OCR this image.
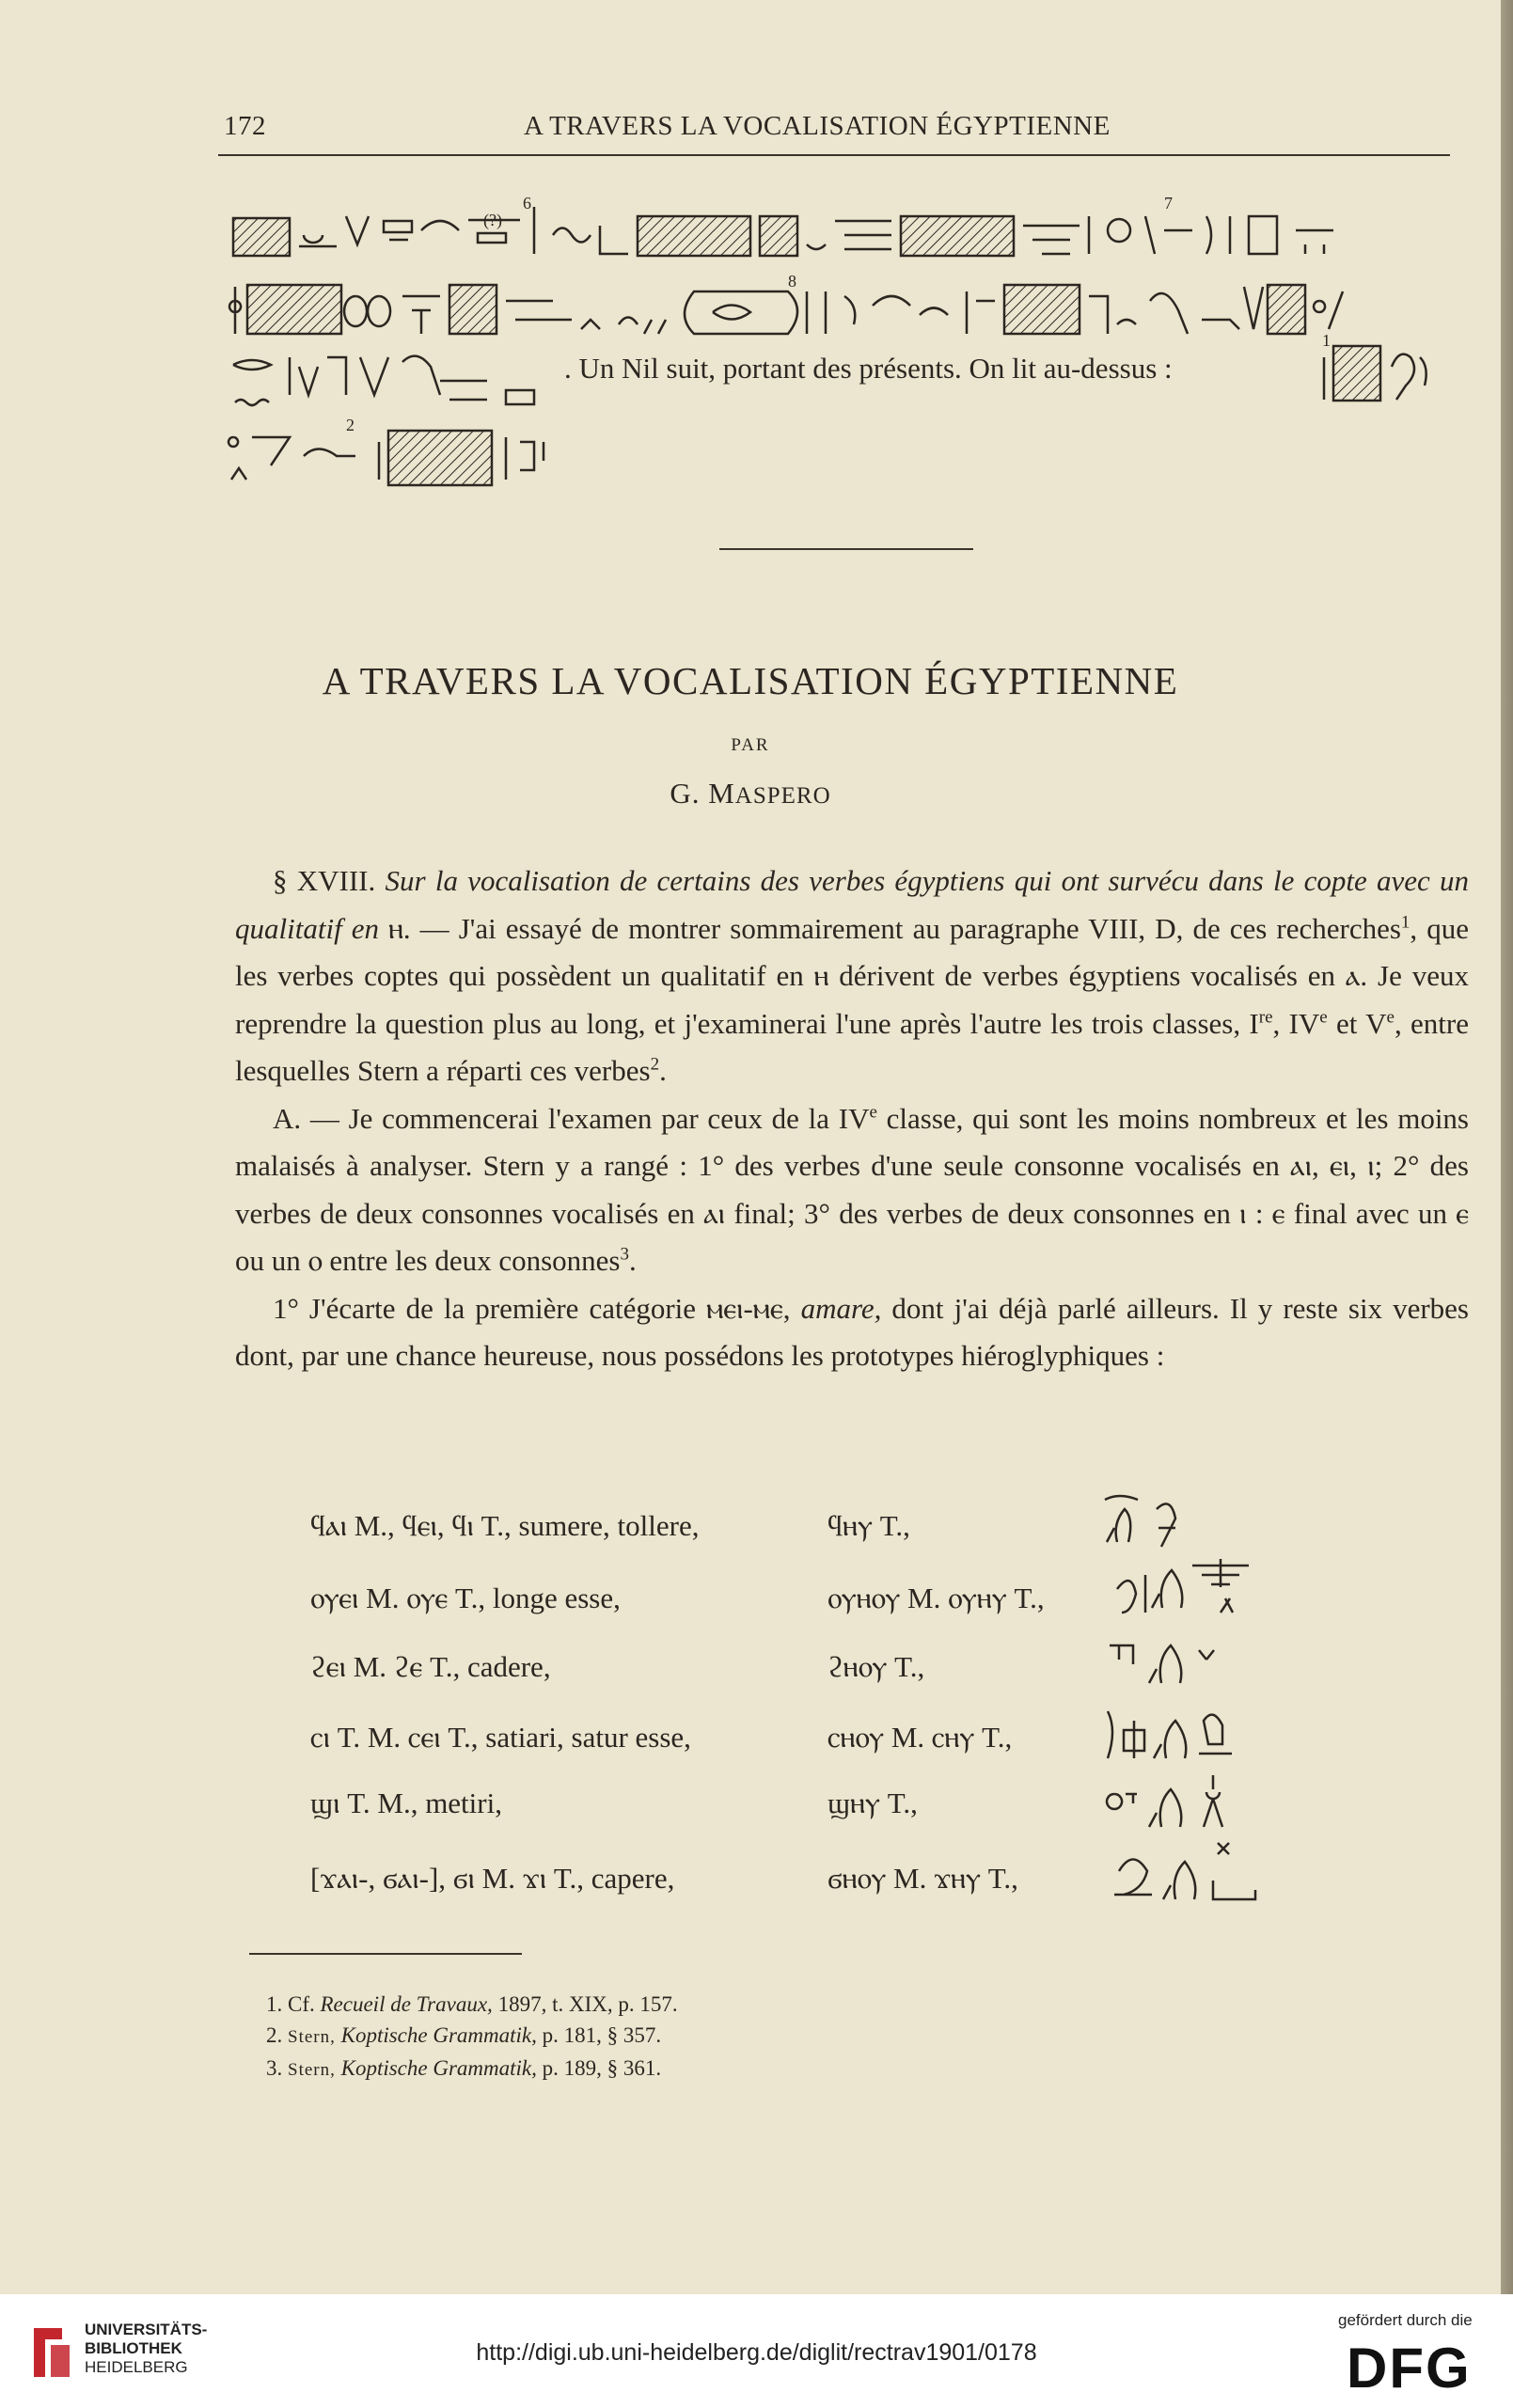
172	A TRAVERS LA VOCALISATION ÉGYPTIENNE
6
(?)
7
8
. Un Nil suit, portant des présents. On lit au-dessus :
1
2
A TRAVERS LA VOCALISATION ÉGYPTIENNE
PAR
G. MASPERO

§ XVIII. Sur la vocalisation de certains des verbes égyptiens qui ont survécu dans le copte avec un qualitatif en ⲏ. — J'ai essayé de montrer sommairement au paragraphe VIII, D, de ces recherches$^1$, que les verbes coptes qui possèdent un qualitatif en ⲏ dérivent de verbes égyptiens vocalisés en ⲁ. Je veux reprendre la question plus au long, et j'examinerai l'une après l'autre les trois classes, Ire, IVe et Ve, entre lesquelles Stern a réparti ces verbes$^2$.

A. — Je commencerai l'examen par ceux de la IVe classe, qui sont les moins nombreux et les moins malaisés à analyser. Stern y a rangé : 1° des verbes d'une seule consonne vocalisés en ⲁⲓ, ⲉⲓ, ⲓ; 2° des verbes de deux consonnes vocalisés en ⲁⲓ final; 3° des verbes de deux consonnes en ⲓ : ⲉ final avec un ⲉ ou un ⲟ entre les deux consonnes$^3$.

1° J'écarte de la première catégorie ⲙⲉⲓ-ⲙⲉ, amare, dont j'ai déjà parlé ailleurs. Il y reste six verbes dont, par une chance heureuse, nous possédons les prototypes hiéroglyphiques :

ϥⲁⲓ M., ϥⲉⲓ, ϥⲓ T., sumere, tollere,	ϥⲏⲩ T.,
ⲟⲩⲉⲓ M. ⲟⲩⲉ T., longe esse,	ⲟⲩⲏⲟⲩ M. ⲟⲩⲏⲩ T.,
ϩⲉⲓ M. ϩⲉ T., cadere,	ϩⲏⲟⲩ T.,
ⲥⲓ T. M. ⲥⲉⲓ T., satiari, satur esse,	ⲥⲏⲟⲩ M. ⲥⲏⲩ T.,
ϣⲓ T. M., metiri,	ϣⲏⲩ T.,
[ϫⲁⲓ-, ϭⲁⲓ-], ϭⲓ M. ϫⲓ T., capere,	ϭⲏⲟⲩ M. ϫⲏⲩ T.,
1. Cf. Recueil de Travaux, 1897, t. XIX, p. 157.
2. Stern, Koptische Grammatik, p. 181, § 357.
3. Stern, Koptische Grammatik, p. 189, § 361.
UNIVERSITÄTS-
BIBLIOTHEK
HEIDELBERG
http://digi.ub.uni-heidelberg.de/diglit/rectrav1901/0178
gefördert durch die
DFG
